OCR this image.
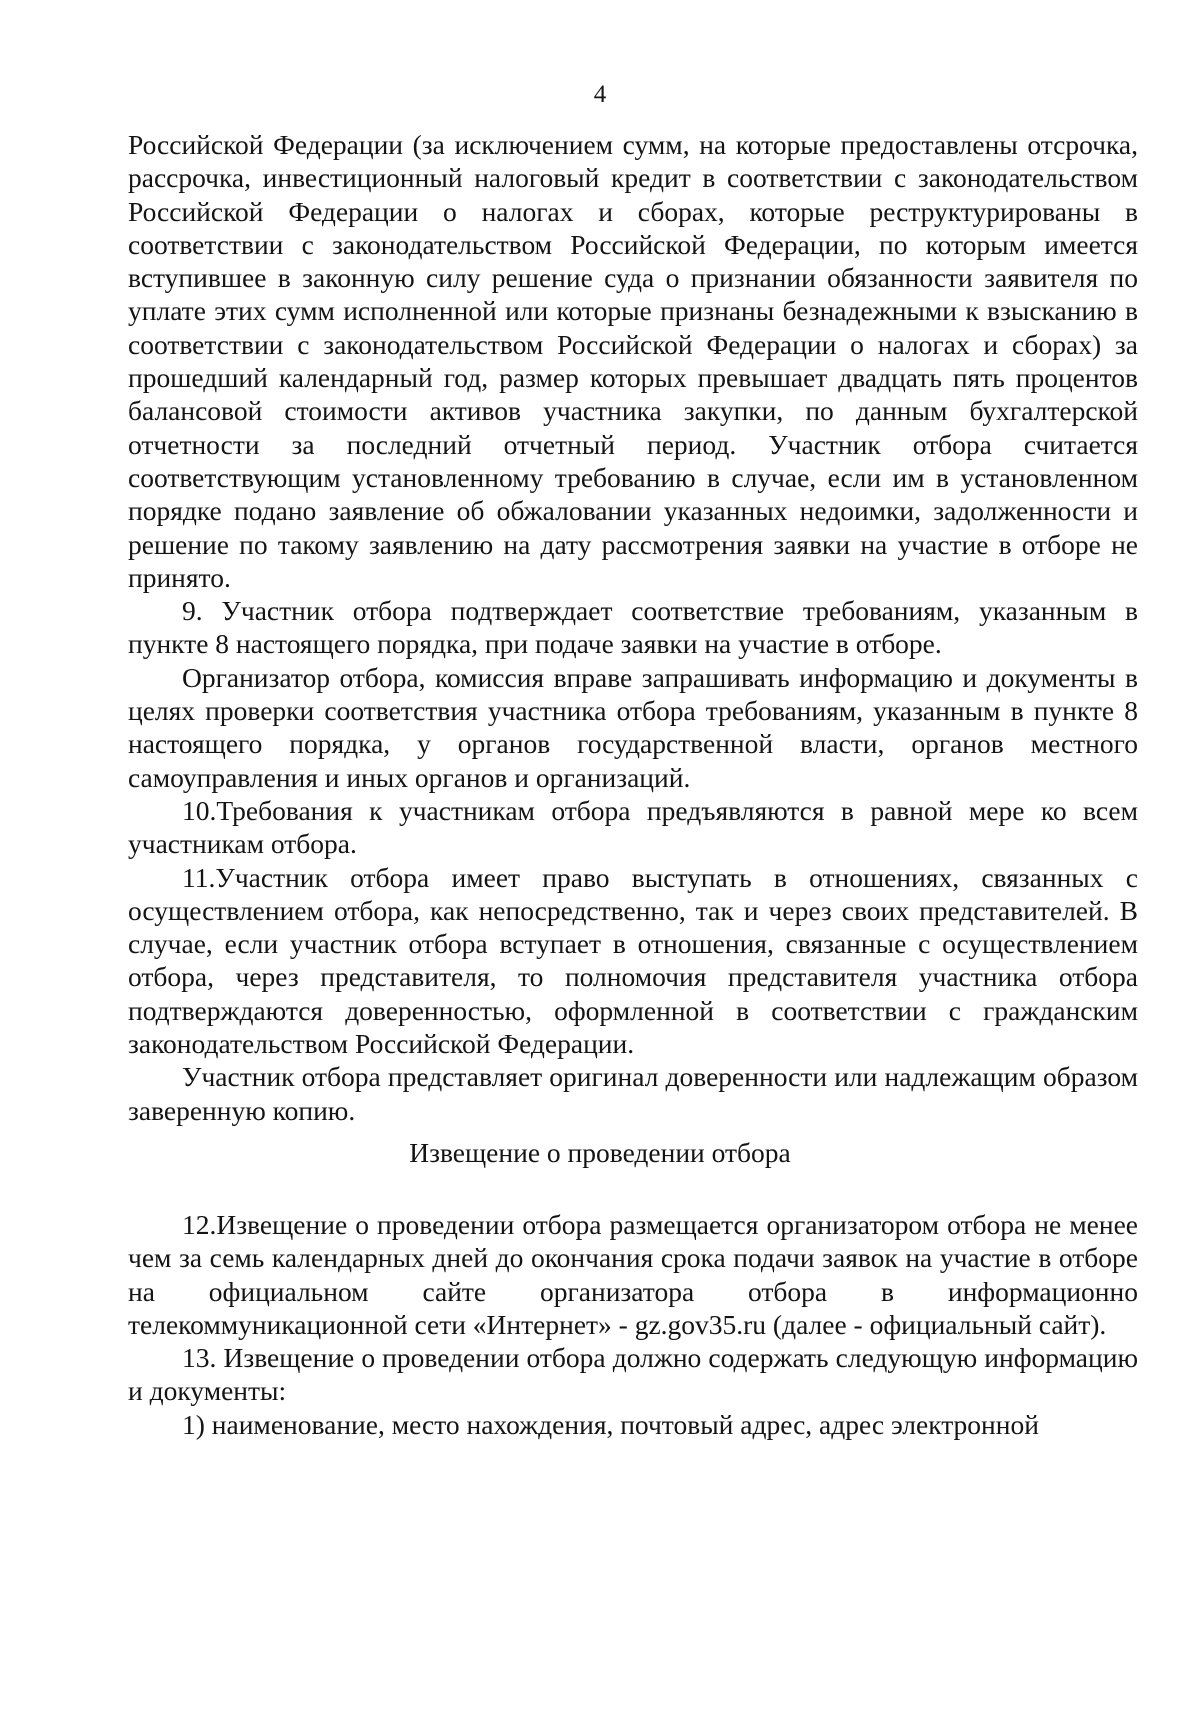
4

Российской Федерации (за исключением сумм, на которые предоставлены отсрочка, рассрочка, инвестиционный налоговый кредит в соответствии с законодательством Российской Федерации о налогах и сборах, которые реструктурированы в соответствии с законодательством Российской Федерации, по которым имеется вступившее в законную силу решение суда о признании обязанности заявителя по уплате этих сумм исполненной или которые признаны безнадежными к взысканию в соответствии с законодательством Российской Федерации о налогах и сборах) за прошедший календарный год, размер которых превышает двадцать пять процентов балансовой стоимости активов участника закупки, по данным бухгалтерской отчетности за последний отчетный период. Участник отбора считается соответствующим установленному требованию в случае, если им в установленном порядке подано заявление об обжаловании указанных недоимки, задолженности и решение по такому заявлению на дату рассмотрения заявки на участие в отборе не принято.

9. Участник отбора подтверждает соответствие требованиям, указанным в пункте 8 настоящего порядка, при подаче заявки на участие в отборе.

Организатор отбора, комиссия вправе запрашивать информацию и документы в целях проверки соответствия участника отбора требованиям, указанным в пункте 8 настоящего порядка, у органов государственной власти, органов местного самоуправления и иных органов и организаций.

10.Требования к участникам отбора предъявляются в равной мере ко всем участникам отбора.

11.Участник отбора имеет право выступать в отношениях, связанных с осуществлением отбора, как непосредственно, так и через своих представителей. В случае, если участник отбора вступает в отношения, связанные с осуществлением отбора, через представителя, то полномочия представителя участника отбора подтверждаются доверенностью, оформленной в соответствии с гражданским законодательством Российской Федерации.

Участник отбора представляет оригинал доверенности или надлежащим образом заверенную копию.

Извещение о проведении отбора

12.Извещение о проведении отбора размещается организатором отбора не менее чем за семь календарных дней до окончания срока подачи заявок на участие в отборе на официальном сайте организатора отбора в информационно телекоммуникационной сети «Интернет» - gz.gov35.ru (далее - официальный сайт).

13. Извещение о проведении отбора должно содержать следующую информацию и документы:

1) наименование, место нахождения, почтовый адрес, адрес электронной
